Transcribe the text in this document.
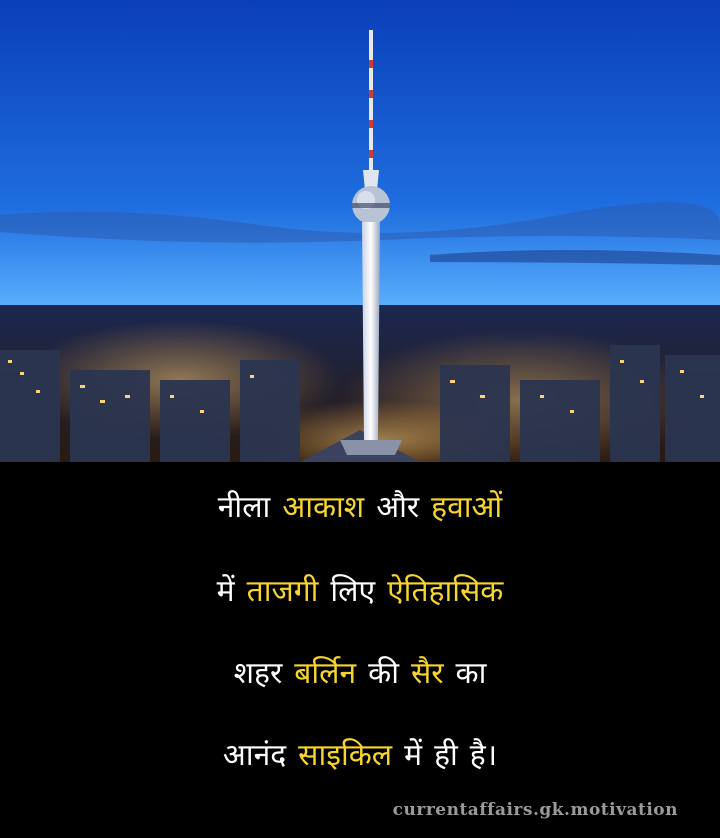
नीला आकाश और हवाओं
में ताजगी लिए ऐतिहासिक
शहर बर्लिन की सैर का
आनंद साइकिल में ही है।
currentaffairs.gk.motivation
